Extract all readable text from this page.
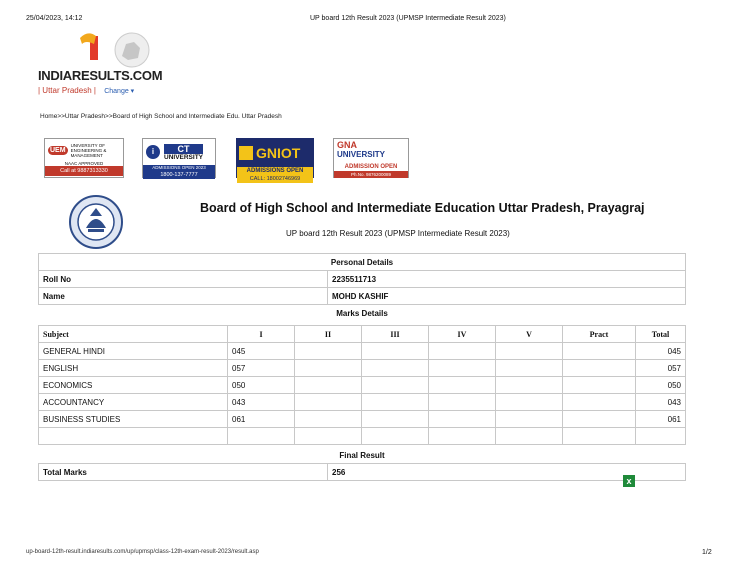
25/04/2023, 14:12	UP board 12th Result 2023 (UPMSP Intermediate Result 2023)
INDIARESULTS.COM
| Uttar Pradesh | Change ▾
Home>>Uttar Pradesh>>Board of High School and Intermediate Edu. Uttar Pradesh
UEM
UNIVERSITY OF
ENGINEERING & MANAGEMENT
NAAC APPROVED
Call at 9887313330
i	CT
UNIVERSITY
ADMISSIONS OPEN 2023
1800-137-7777
GNIOT
ADMISSIONS OPEN
CALL: 18002746969
GNA
UNIVERSITY
ADMISSION OPEN
Ph.No. 9876200089
Board of High School and Intermediate Education Uttar Pradesh, Prayagraj
UP board 12th Result 2023 (UPMSP Intermediate Result 2023)
Personal Details	
Roll No	2235511713
Name	MOHD KASHIF
Marks Details	
Subject	I	II	III	IV	V	Pract	Total
GENERAL HINDI	045						045
ENGLISH	057						057
ECONOMICS	050						050
ACCOUNTANCY	043						043
BUSINESS STUDIES	061						061

Final Result
Total Marks	256
x
up-board-12th-result.indiaresults.com/up/upmsp/class-12th-exam-result-2023/result.asp	1/2
